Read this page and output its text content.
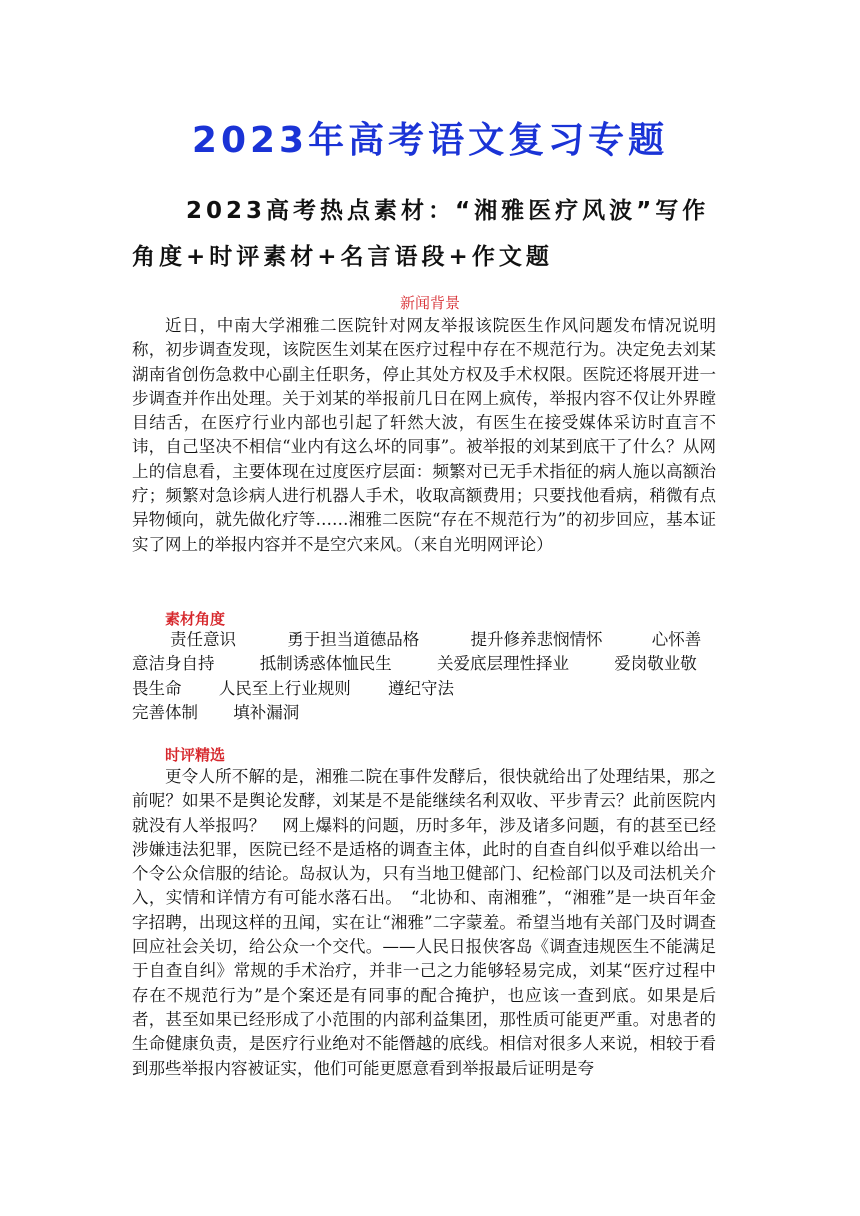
2023年高考语文复习专题
2023高考热点素材：“湘雅医疗风波”写作角度+时评素材+名言语段+作文题
新闻背景

近日，中南大学湘雅二医院针对网友举报该院医生作风问题发布情况说明称，初步调查发现，该院医生刘某在医疗过程中存在不规范行为。决定免去刘某湖南省创伤急救中心副主任职务，停止其处方权及手术权限。医院还将展开进一步调查并作出处理。关于刘某的举报前几日在网上疯传，举报内容不仅让外界瞠目结舌，在医疗行业内部也引起了轩然大波，有医生在接受媒体采访时直言不讳，自己坚决不相信“业内有这么坏的同事”。被举报的刘某到底干了什么？从网上的信息看，主要体现在过度医疗层面：频繁对已无手术指征的病人施以高额治疗；频繁对急诊病人进行机器人手术，收取高额费用；只要找他看病，稍微有点异物倾向，就先做化疗等……湘雅二医院“存在不规范行为”的初步回应，基本证实了网上的举报内容并不是空穴来风。（来自光明网评论）

素材角度
责任意识	勇于担当道德品格	提升修养悲悯情怀	心怀善
意洁身自持	抵制诱惑体恤民生	关爱底层理性择业	爱岗敬业敬
畏生命 人民至上行业规则 遵纪守法
完善体制 填补漏洞
时评精选

更令人所不解的是，湘雅二院在事件发酵后，很快就给出了处理结果，那之前呢？如果不是舆论发酵，刘某是不是能继续名利双收、平步青云？此前医院内就没有人举报吗？　网上爆料的问题，历时多年，涉及诸多问题，有的甚至已经涉嫌违法犯罪，医院已经不是适格的调查主体，此时的自查自纠似乎难以给出一个令公众信服的结论。岛叔认为，只有当地卫健部门、纪检部门以及司法机关介入，实情和详情方有可能水落石出。　“北协和、南湘雅”，“湘雅”是一块百年金字招聘，出现这样的丑闻，实在让“湘雅”二字蒙羞。希望当地有关部门及时调查回应社会关切，给公众一个交代。——人民日报侠客岛《调查违规医生不能满足于自查自纠》常规的手术治疗，并非一己之力能够轻易完成，刘某“医疗过程中存在不规范行为”是个案还是有同事的配合掩护，也应该一查到底。如果是后者，甚至如果已经形成了小范围的内部利益集团，那性质可能更严重。对患者的生命健康负责，是医疗行业绝对不能僭越的底线。相信对很多人来说，相较于看到那些举报内容被证实，他们可能更愿意看到举报最后证明是夸
